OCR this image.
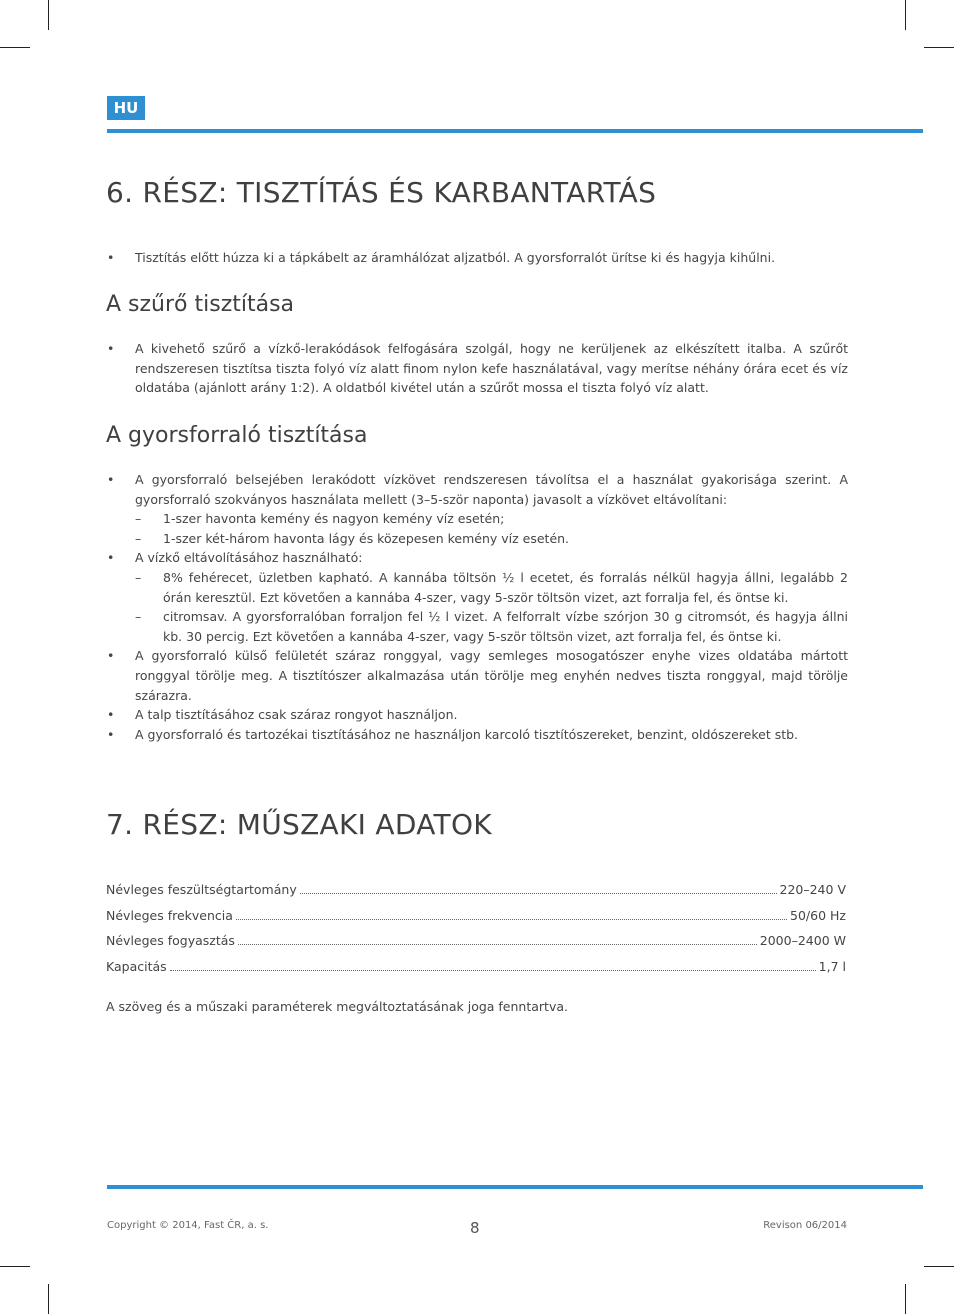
HU
6. RÉSZ: TISZTÍTÁS ÉS KARBANTARTÁS
• Tisztítás előtt húzza ki a tápkábelt az áramhálózat aljzatból. A gyorsforralót ürítse ki és hagyja kihűlni.
A szűrő tisztítása
• A kivehető szűrő a vízkő-lerakódások felfogására szolgál, hogy ne kerüljenek az elkészített italba. A szűrőt rendszeresen tisztítsa tiszta folyó víz alatt finom nylon kefe használatával, vagy merítse néhány órára ecet és víz oldatába (ajánlott arány 1:2). A oldatból kivétel után a szűrőt mossa el tiszta folyó víz alatt.
A gyorsforraló tisztítása
• A gyorsforraló belsejében lerakódott vízkövet rendszeresen távolítsa el a használat gyakorisága szerint. A gyorsforraló szokványos használata mellett (3–5-ször naponta) javasolt a vízkövet eltávolítani:
– 1-szer havonta kemény és nagyon kemény víz esetén;
– 1-szer két-három havonta lágy és közepesen kemény víz esetén.
• A vízkő eltávolításához használható:
– 8% fehérecet, üzletben kapható. A kannába töltsön ½ l ecetet, és forralás nélkül hagyja állni, legalább 2 órán keresztül. Ezt követően a kannába 4-szer, vagy 5-ször töltsön vizet, azt forralja fel, és öntse ki.
– citromsav. A gyorsforralóban forraljon fel ½ l vizet. A felforralt vízbe szórjon 30 g citromsót, és hagyja állni kb. 30 percig. Ezt követően a kannába 4-szer, vagy 5-ször töltsön vizet, azt forralja fel, és öntse ki.
• A gyorsforraló külső felületét száraz ronggyal, vagy semleges mosogatószer enyhe vizes oldatába mártott ronggyal törölje meg. A tisztítószer alkalmazása után törölje meg enyhén nedves tiszta ronggyal, majd törölje szárazra.
• A talp tisztításához csak száraz rongyot használjon.
• A gyorsforraló és tartozékai tisztításához ne használjon karcoló tisztítószereket, benzint, oldószereket stb.
7. RÉSZ: MŰSZAKI ADATOK
Névleges feszültségtartomány	220–240 V
Névleges frekvencia	50/60 Hz
Névleges fogyasztás	2000–2400 W
Kapacitás	1,7 l
A szöveg és a műszaki paraméterek megváltoztatásának joga fenntartva.
Copyright © 2014, Fast ČR, a. s.	8	Revison 06/2014
